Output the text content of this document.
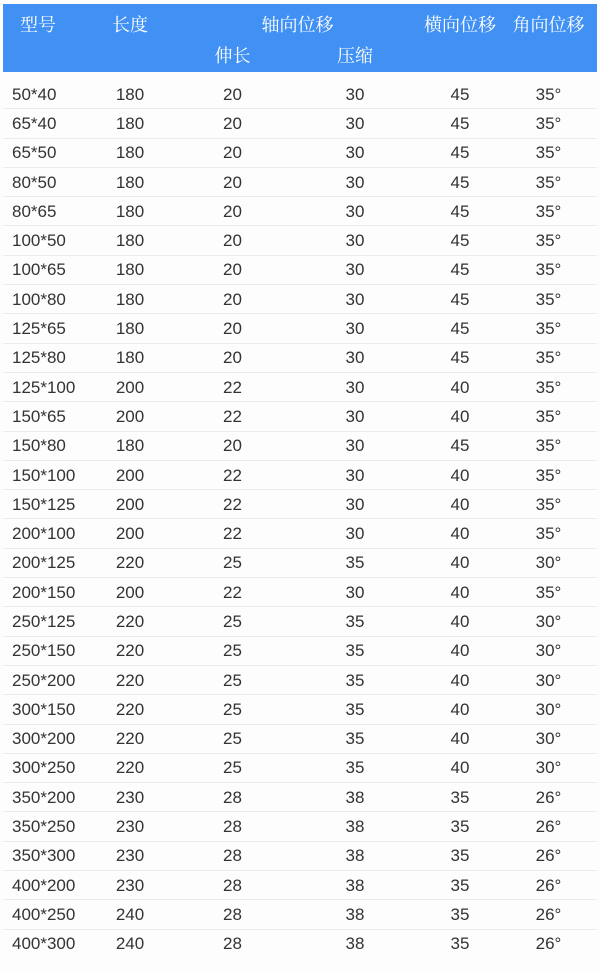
型号	长度	轴向位移		横向位移	角向位移
		伸长	压缩		
50*40	180	20	30	45	35°
65*40	180	20	30	45	35°
65*50	180	20	30	45	35°
80*50	180	20	30	45	35°
80*65	180	20	30	45	35°
100*50	180	20	30	45	35°
100*65	180	20	30	45	35°
100*80	180	20	30	45	35°
125*65	180	20	30	45	35°
125*80	180	20	30	45	35°
125*100	200	22	30	40	35°
150*65	200	22	30	40	35°
150*80	180	20	30	45	35°
150*100	200	22	30	40	35°
150*125	200	22	30	40	35°
200*100	200	22	30	40	35°
200*125	220	25	35	40	30°
200*150	200	22	30	40	35°
250*125	220	25	35	40	30°
250*150	220	25	35	40	30°
250*200	220	25	35	40	30°
300*150	220	25	35	40	30°
300*200	220	25	35	40	30°
300*250	220	25	35	40	30°
350*200	230	28	38	35	26°
350*250	230	28	38	35	26°
350*300	230	28	38	35	26°
400*200	230	28	38	35	26°
400*250	240	28	38	35	26°
400*300	240	28	38	35	26°
